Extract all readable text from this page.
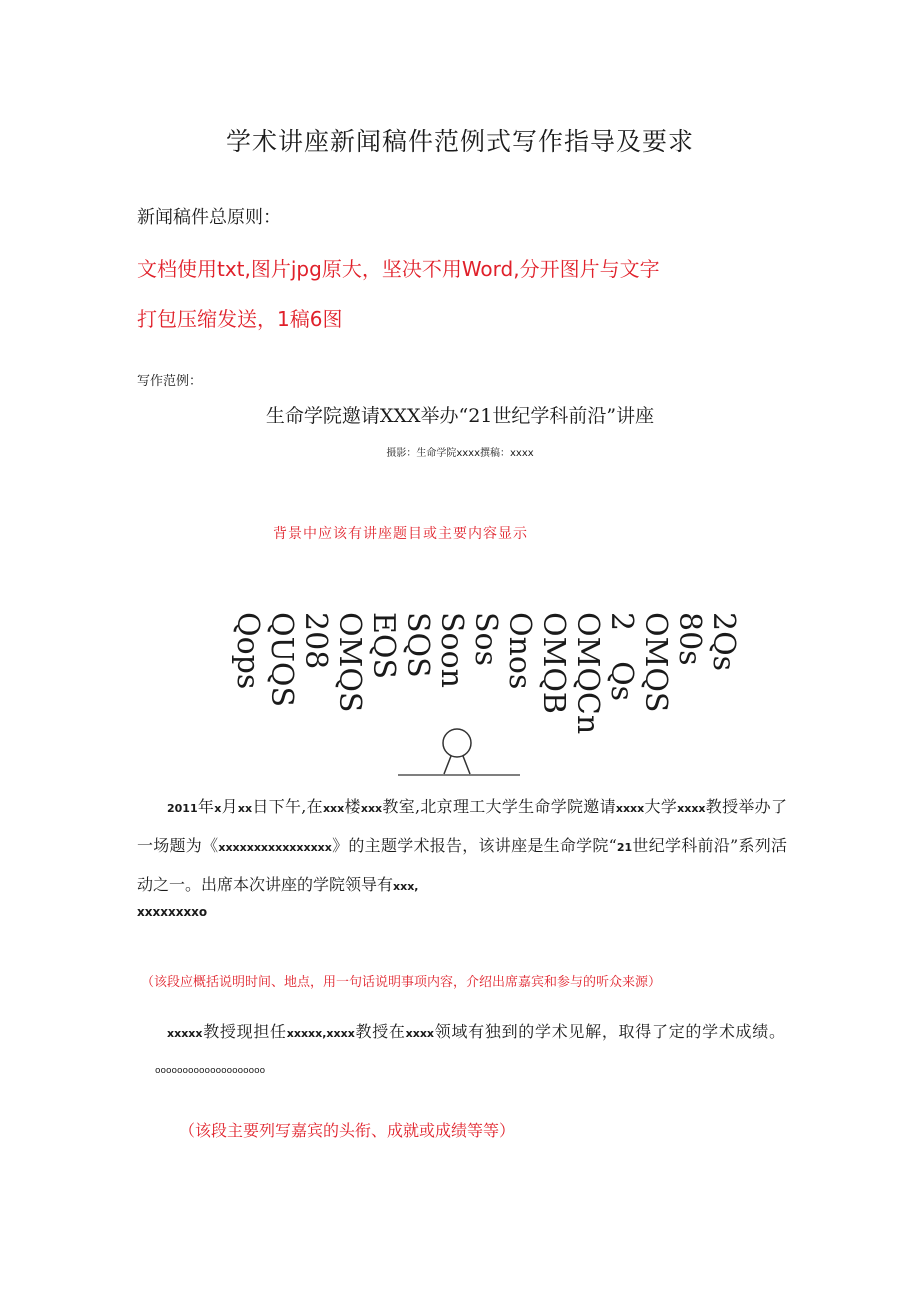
学术讲座新闻稿件范例式写作指导及要求
新闻稿件总原则：
文档使用txt,图片jpg原大，坚决不用Word,分开图片与文字
打包压缩发送，1稿6图
写作范例：
生命学院邀请XXX举办“21世纪学科前沿”讲座
摄影：生命学院xxxx撰稿：xxxx
背景中应该有讲座题目或主要内容显示
2Qs
80s
OMQS
2　Qs
OMQCn
OMQB
Onos
Sos
Soon
SQS
EQS
OMQS
208
QUQS
Qops
2011年x月xx日下午,在xxx楼xxx教室,北京理工大学生命学院邀请xxxx大学xxxx教授举办了一场题为《xxxxxxxxxxxxxxxx》的主题学术报告，该讲座是生命学院“21世纪学科前沿”系列活动之一。出席本次讲座的学院领导有xxx,
xxxxxxxxo
（该段应概括说明时间、地点，用一句话说明事项内容，介绍出席嘉宾和参与的听众来源）
xxxxx教授现担任xxxxx,xxxx教授在xxxx领域有独到的学术见解，取得了定的学术成绩。oooooooooooooooooooo
（该段主要列写嘉宾的头衔、成就或成绩等等）
